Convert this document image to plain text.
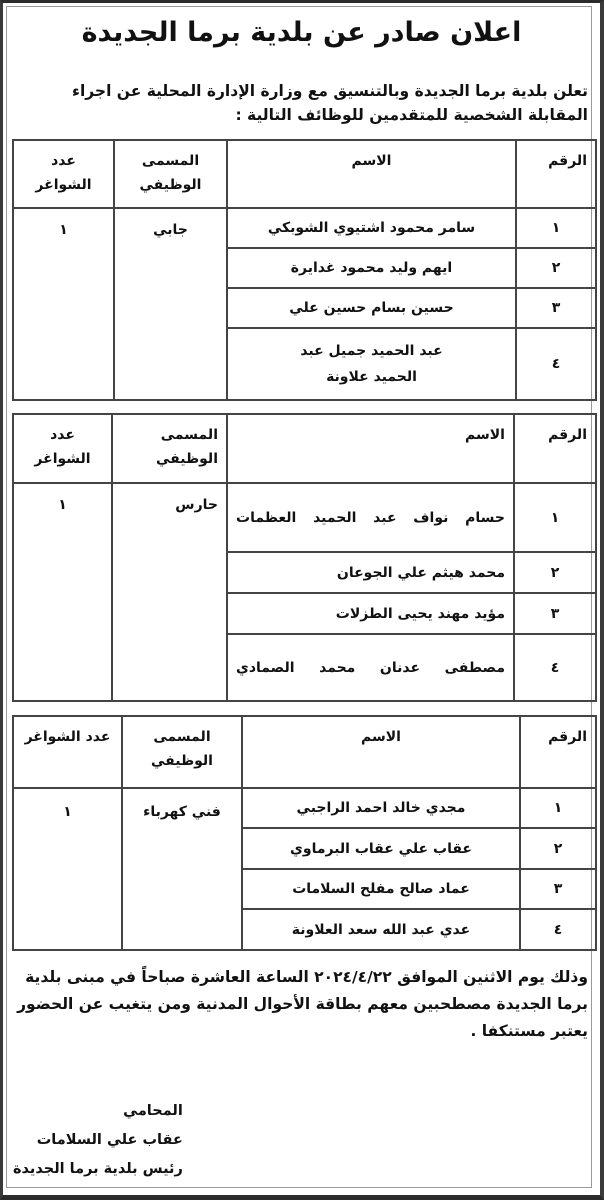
اعلان صادر عن بلدية برما الجديدة
تعلن بلدية برما الجديدة وبالتنسيق مع وزارة الإدارة المحلية عن اجراء المقابلة الشخصية للمتقدمين للوظائف التالية :
الرقم	الاسم	المسمى الوظيفي	عدد الشواغر
١	سامر محمود اشتيوي الشوبكي	جابي	١
٢	ايهم وليد محمود غدايرة		
٣	حسين بسام حسين علي		
٤	عبد الحميد جميل عبد الحميد علاونة		
الرقم	الاسم	المسمى الوظيفي	عدد الشواغر
١	حسام نواف عبد الحميد العظمات	حارس	١
٢	محمد هيثم علي الجوعان		
٣	مؤيد مهند يحيى الطزلات		
٤	مصطفى عدنان محمد الصمادي		
الرقم	الاسم	المسمى الوظيفي	عدد الشواغر
١	مجدي خالد احمد الراجبي	فني كهرباء	١
٢	عقاب علي عقاب البرماوي		
٣	عماد صالح مفلح السلامات		
٤	عدي عبد الله سعد العلاونة		
وذلك يوم الاثنين الموافق ٢٠٢٤/٤/٢٢ الساعة العاشرة صباحاً في مبنى بلدية برما الجديدة مصطحبين معهم بطاقة الأحوال المدنية ومن يتغيب عن الحضور يعتبر مستنكفا .
المحامي
عقاب علي السلامات
رئيس بلدية برما الجديدة
